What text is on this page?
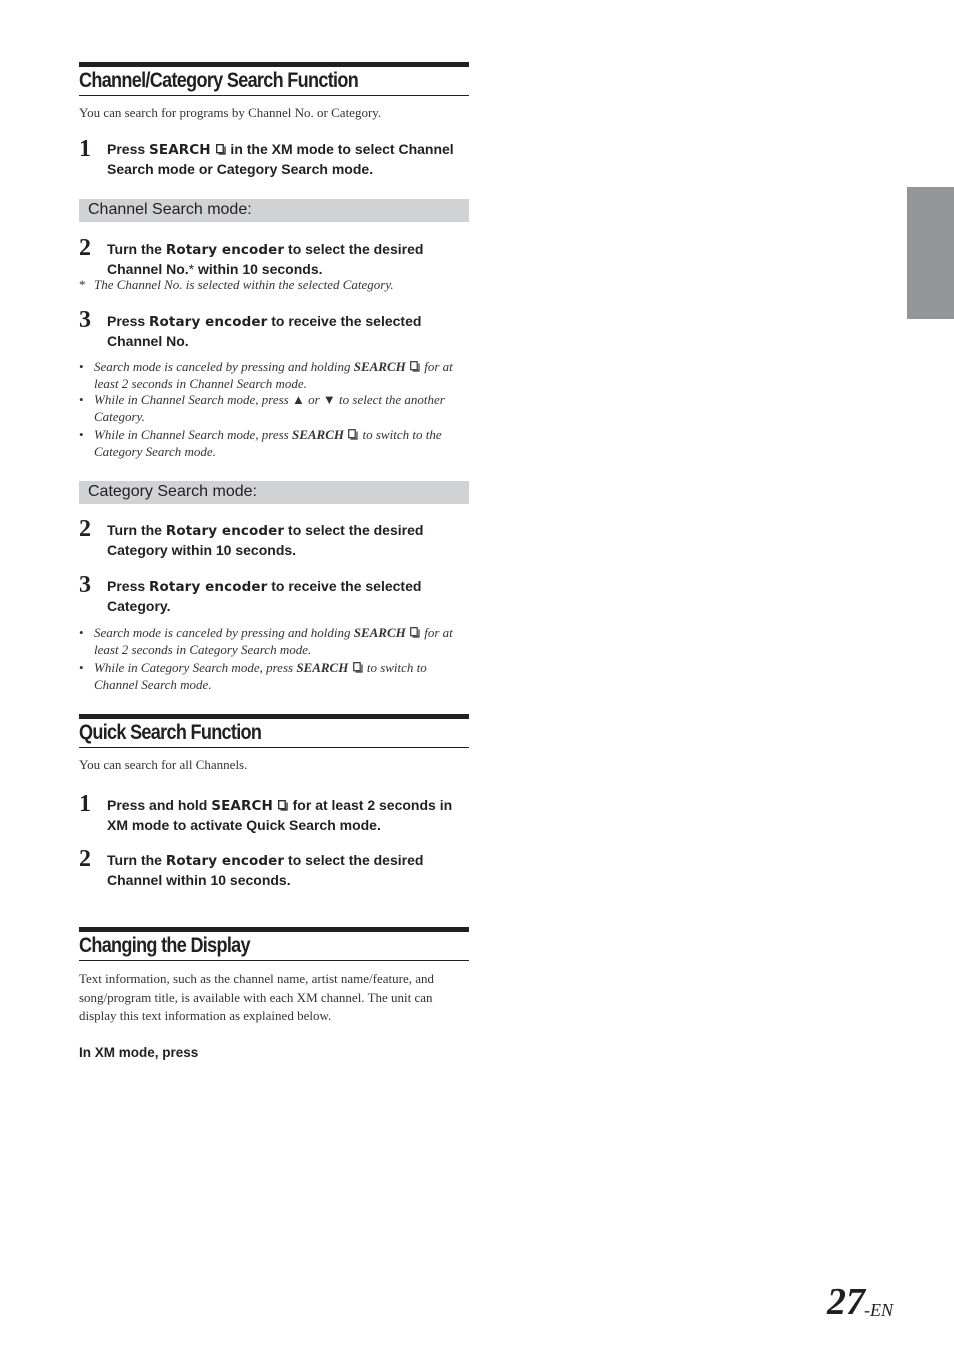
Channel/Category Search Function
You can search for programs by Channel No. or Category.
1 Press SEARCH
in the XM mode to select Channel Search mode or Category Search mode.
Channel Search mode:
2 Turn the Rotary encoder to select the desired Channel No.* within 10 seconds.
* The Channel No. is selected within the selected Category.
3 Press Rotary encoder to receive the selected Channel No.
• Search mode is canceled by pressing and holding SEARCH
for at least 2 seconds in Channel Search mode.
• While in Channel Search mode, press ▲ or ▼ to select the another Category.
• While in Channel Search mode, press SEARCH
to switch to the Category Search mode.
Category Search mode:
2 Turn the Rotary encoder to select the desired Category within 10 seconds.
3 Press Rotary encoder to receive the selected Category.
• Search mode is canceled by pressing and holding SEARCH
for at least 2 seconds in Category Search mode.
• While in Category Search mode, press SEARCH
to switch to Channel Search mode.
Quick Search Function
You can search for all Channels.
1 Press and hold SEARCH
for at least 2 seconds in XM mode to activate Quick Search mode.
2 Turn the Rotary encoder to select the desired Channel within 10 seconds.
Changing the Display
Text information, such as the channel name, artist name/feature, and song/program title, is available with each XM channel. The unit can display this text information as explained below.
In XM mode, press
27 -EN
